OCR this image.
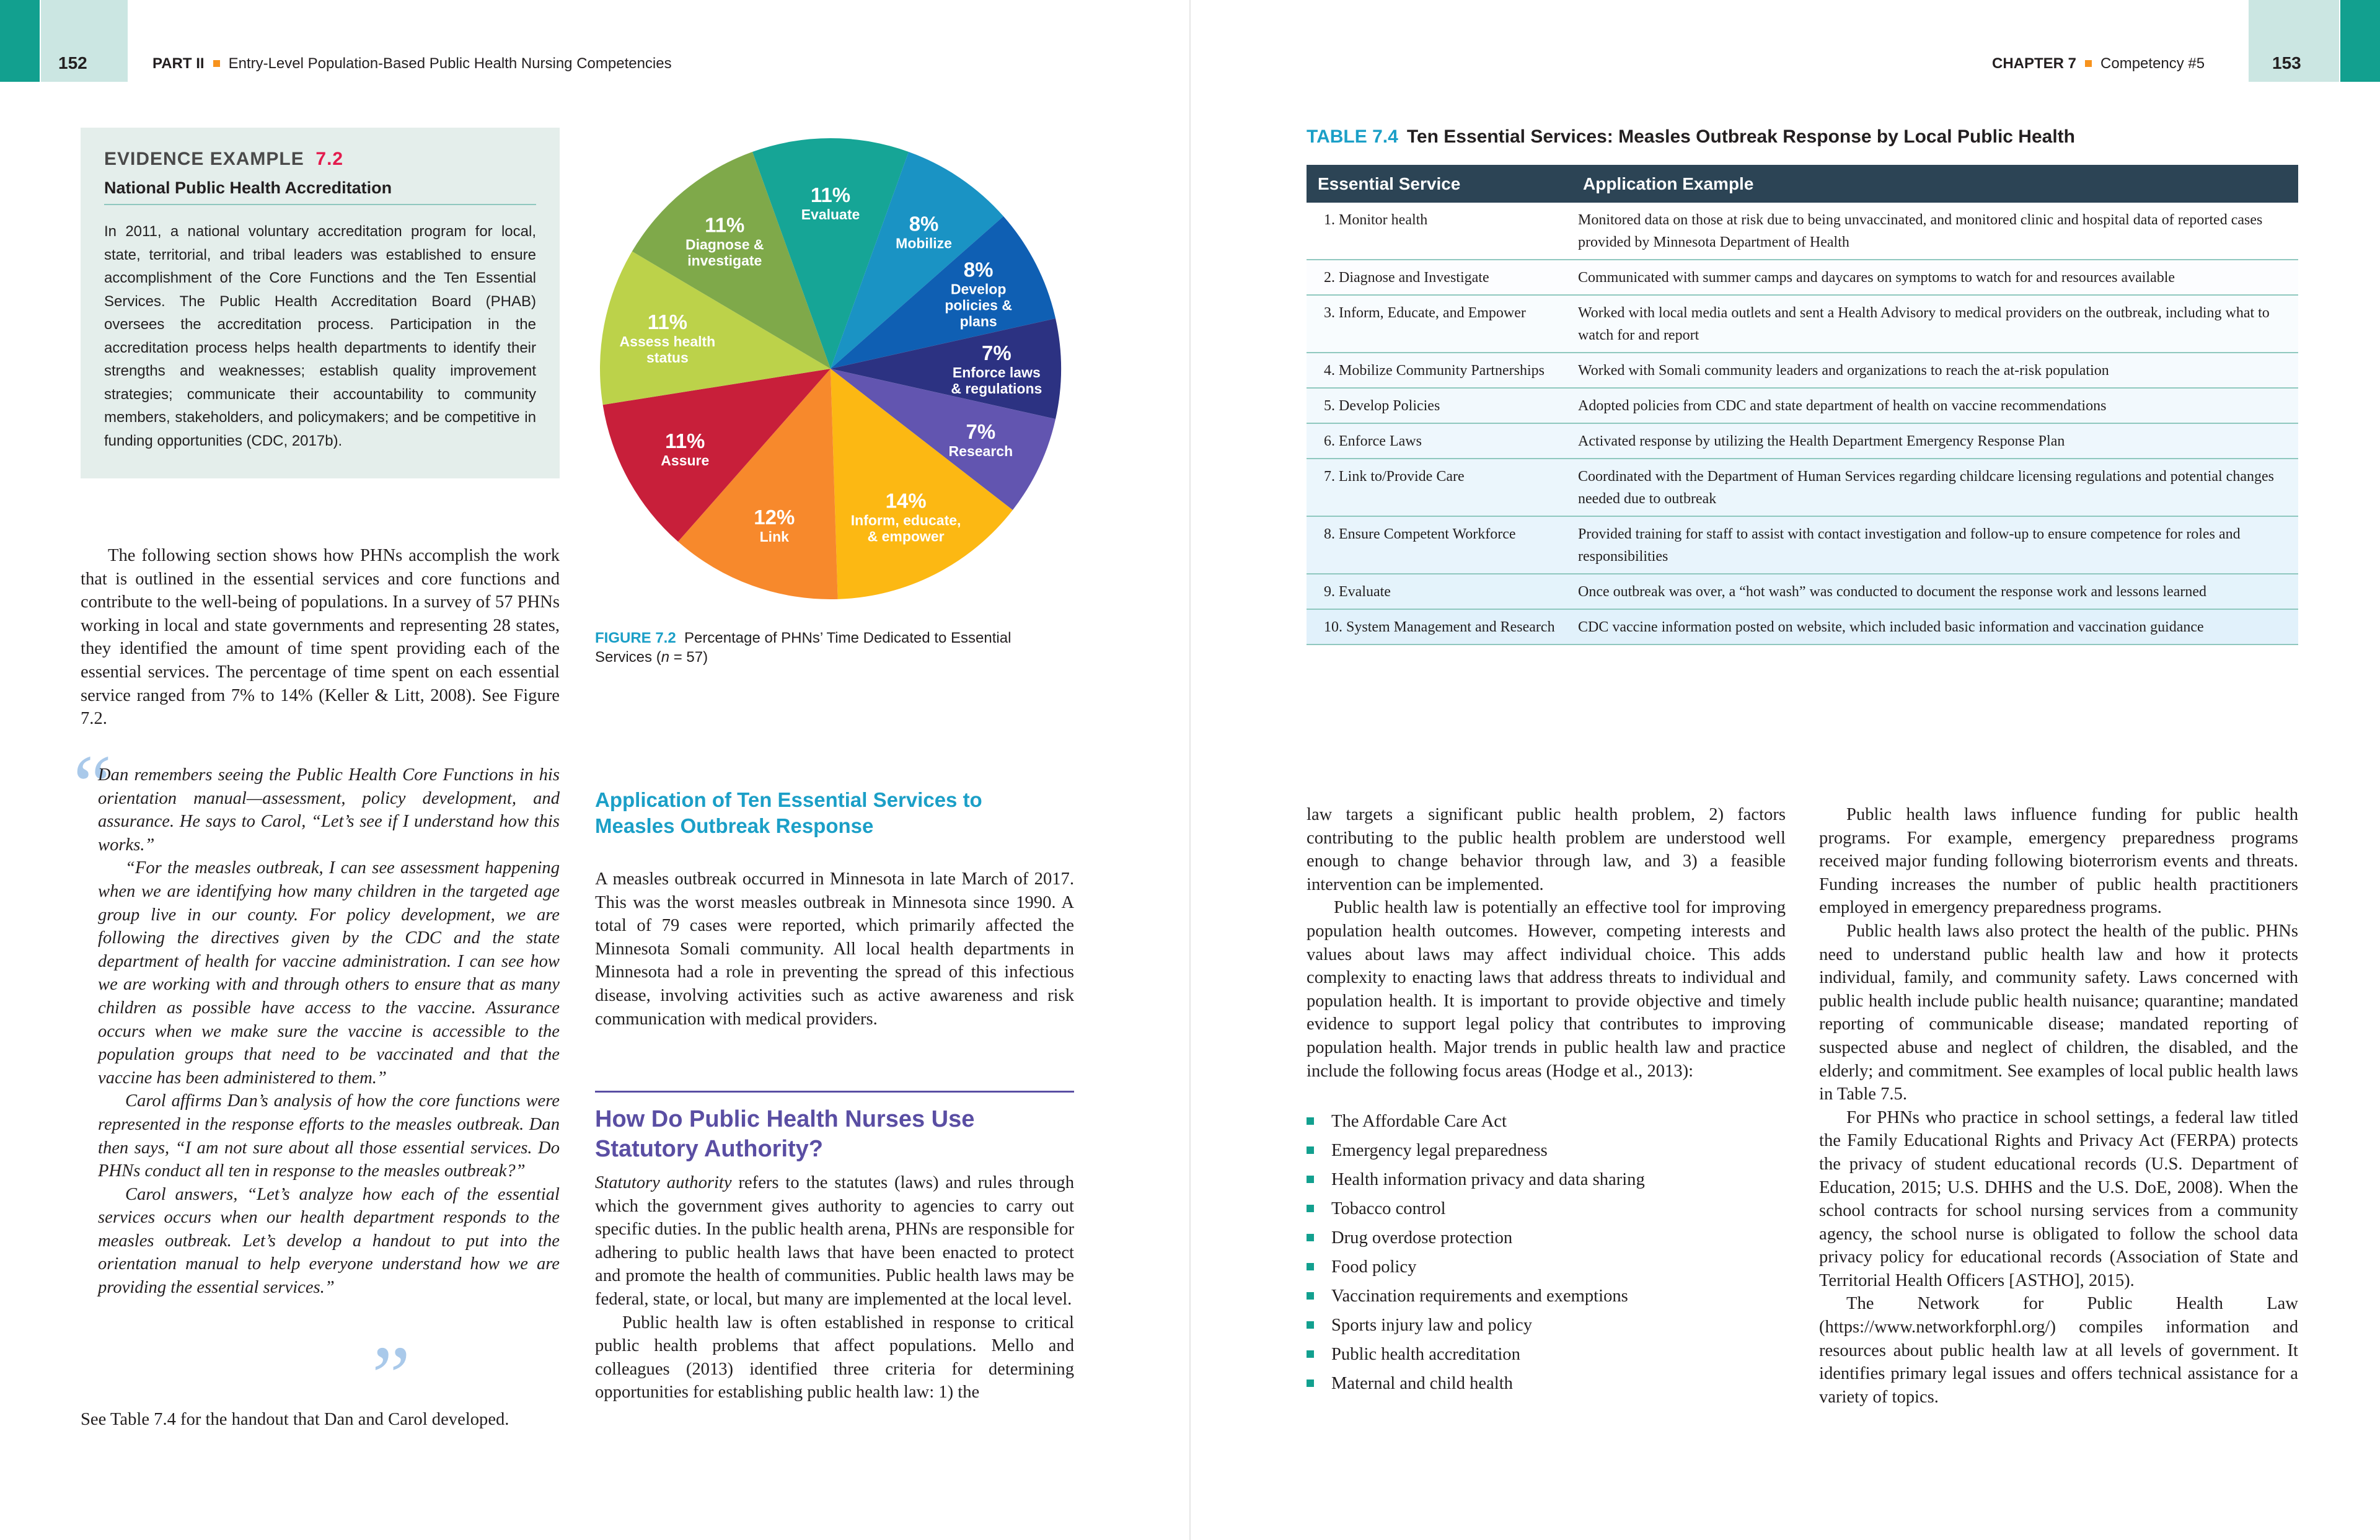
152	PART II Entry-Level Population-Based Public Health Nursing Competencies	153
CHAPTER 7 Competency #5
EVIDENCE EXAMPLE 7.2
National Public Health Accreditation
In 2011, a national voluntary accreditation program for local, state, territorial, and tribal leaders was established to ensure accomplishment of the Core Functions and the Ten Essential Services. The Public Health Accreditation Board (PHAB) oversees the accreditation process. Participation in the accreditation process helps health departments to identify their strengths and weaknesses; establish quality improvement strategies; communicate their accountability to community members, stakeholders, and policymakers; and be competitive in funding opportunities (CDC, 2017b).

The following section shows how PHNs accomplish the work that is outlined in the essential services and core functions and contribute to the well-being of populations. In a survey of 57 PHNs working in local and state governments and representing 28 states, they identified the amount of time spent providing each of the essential services. The percentage of time spent on each essential service ranged from 7% to 14% (Keller & Litt, 2008). See Figure 7.2.

“

Dan remembers seeing the Public Health Core Functions in his orientation manual—assessment, policy development, and assurance. He says to Carol, “Let’s see if I understand how this works.”

“For the measles outbreak, I can see assessment happening when we are identifying how many children in the targeted age group live in our county. For policy development, we are following the directives given by the CDC and the state department of health for vaccine administration. I can see how we are working with and through others to ensure that as many children as possible have access to the vaccine. Assurance occurs when we make sure the vaccine is accessible to the population groups that need to be vaccinated and that the vaccine has been administered to them.”

Carol affirms Dan’s analysis of how the core functions were represented in the response efforts to the measles outbreak. Dan then says, “I am not sure about all those essential services. Do PHNs conduct all ten in response to the measles outbreak?”

Carol answers, “Let’s analyze how each of the essential services occurs when our health department responds to the measles outbreak. Let’s develop a handout to put into the orientation manual to help everyone understand how we are providing the essential services.”

”

See Table 7.4 for the handout that Dan and Carol developed.

11%
Evaluate 8%
Mobilize
8%
Develop policies & plans
7%
Enforce laws & regulations
7%
Research
14%
Inform, educate, & empower
12%
Link
11%
Assure
11%
Assess health status
11%
Diagnose & investigate
FIGURE 7.2 Percentage of PHNs’ Time Dedicated to Essential Services (n = 57)
Application of Ten Essential Services to Measles Outbreak Response

A measles outbreak occurred in Minnesota in late March of 2017. This was the worst measles outbreak in Minnesota since 1990. A total of 79 cases were reported, which primarily affected the Minnesota Somali community. All local health departments in Minnesota had a role in preventing the spread of this infectious disease, involving activities such as active awareness and risk communication with medical providers.

How Do Public Health Nurses Use Statutory Authority?

Statutory authority refers to the statutes (laws) and rules through which the government gives authority to agencies to carry out specific duties. In the public health arena, PHNs are responsible for adhering to public health laws that have been enacted to protect and promote the health of communities. Public health laws may be federal, state, or local, but many are implemented at the local level.

Public health law is often established in response to critical public health problems that affect populations. Mello and colleagues (2013) identified three criteria for determining opportunities for establishing public health law: 1) the

TABLE 7.4 Ten Essential Services: Measles Outbreak Response by Local Public Health
Essential Service	Application Example
1. Monitor health	Monitored data on those at risk due to being unvaccinated, and monitored clinic and hospital data of reported cases provided by Minnesota Department of Health
2. Diagnose and Investigate	Communicated with summer camps and daycares on symptoms to watch for and resources available
3. Inform, Educate, and Empower	Worked with local media outlets and sent a Health Advisory to medical providers on the outbreak, including what to watch for and report
4. Mobilize Community Partnerships	Worked with Somali community leaders and organizations to reach the at-risk population
5. Develop Policies	Adopted policies from CDC and state department of health on vaccine recommendations
6. Enforce Laws	Activated response by utilizing the Health Department Emergency Response Plan
7. Link to/Provide Care	Coordinated with the Department of Human Services regarding childcare licensing regulations and potential changes needed due to outbreak
8. Ensure Competent Workforce	Provided training for staff to assist with contact investigation and follow-up to ensure competence for roles and responsibilities
9. Evaluate	Once outbreak was over, a “hot wash” was conducted to document the response work and lessons learned
10. System Management and Research	CDC vaccine information posted on website, which included basic information and vaccination guidance

law targets a significant public health problem, 2) factors contributing to the public health problem are understood well enough to change behavior through law, and 3) a feasible intervention can be implemented.

Public health law is potentially an effective tool for improving population health outcomes. However, competing interests and values about laws may affect individual choice. This adds complexity to enacting laws that address threats to individual and population health. It is important to provide objective and timely evidence to support legal policy that contributes to improving population health. Major trends in public health law and practice include the following focus areas (Hodge et al., 2013):

The Affordable Care Act
Emergency legal preparedness
Health information privacy and data sharing
Tobacco control
Drug overdose protection
Food policy
Vaccination requirements and exemptions
Sports injury law and policy
Public health accreditation
Maternal and child health

Public health laws influence funding for public health programs. For example, emergency preparedness programs received major funding following bioterrorism events and threats. Funding increases the number of public health practitioners employed in emergency preparedness programs.

Public health laws also protect the health of the public. PHNs need to understand public health law and how it protects individual, family, and community safety. Laws concerned with public health include public health nuisance; quarantine; mandated reporting of communicable disease; mandated reporting of suspected abuse and neglect of children, the disabled, and the elderly; and commitment. See examples of local public health laws in Table 7.5.

For PHNs who practice in school settings, a federal law titled the Family Educational Rights and Privacy Act (FERPA) protects the privacy of student educational records (U.S. Department of Education, 2015; U.S. DHHS and the U.S. DoE, 2008). When the school contracts for school nursing services from a community agency, the school nurse is obligated to follow the school data privacy policy for educational records (Association of State and Territorial Health Officers [ASTHO], 2015).

The Network for Public Health Law (https://www.networkforphl.org/) compiles information and resources about public health law at all levels of government. It identifies primary legal issues and offers technical assistance for a variety of topics.
